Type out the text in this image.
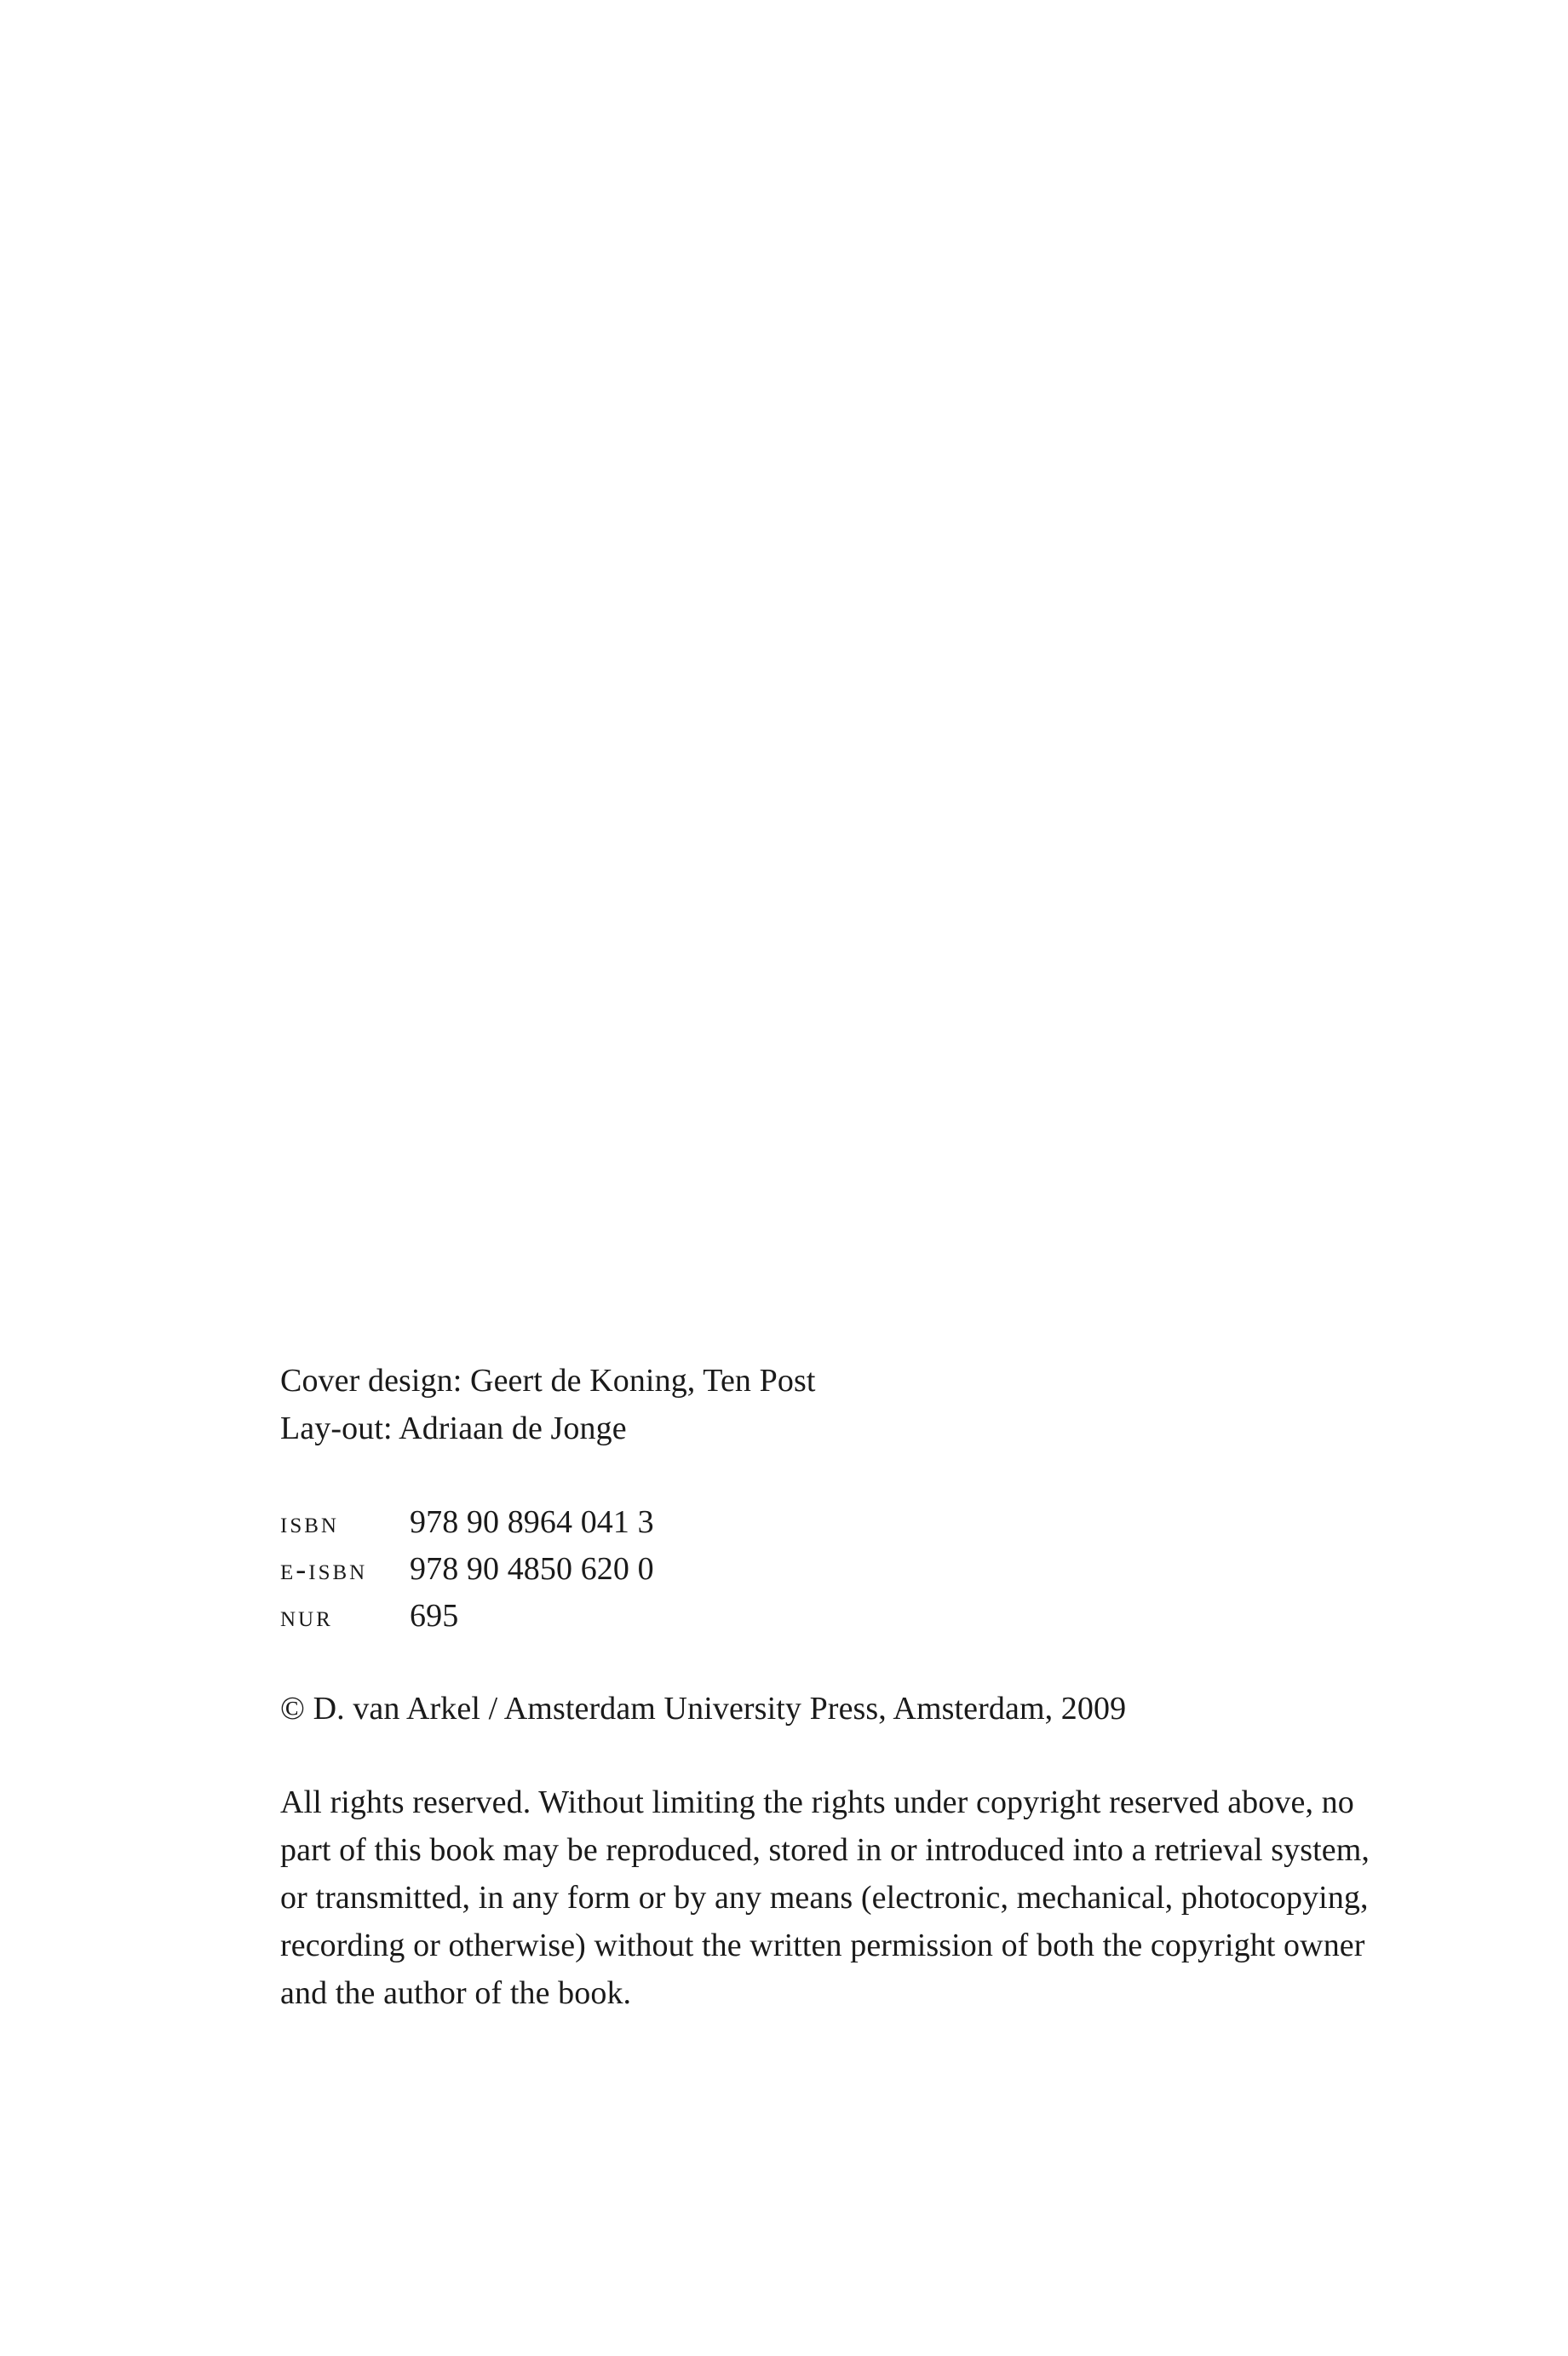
Cover design: Geert de Koning, Ten Post
Lay-out: Adriaan de Jonge
isbn	978 90 8964 041 3
e-isbn	978 90 4850 620 0
nur	695
© D. van Arkel / Amsterdam University Press, Amsterdam, 2009
All rights reserved. Without limiting the rights under copyright reserved above, no
part of this book may be reproduced, stored in or introduced into a retrieval system,
or transmitted, in any form or by any means (electronic, mechanical, photocopying,
recording or otherwise) without the written permission of both the copyright owner
and the author of the book.
